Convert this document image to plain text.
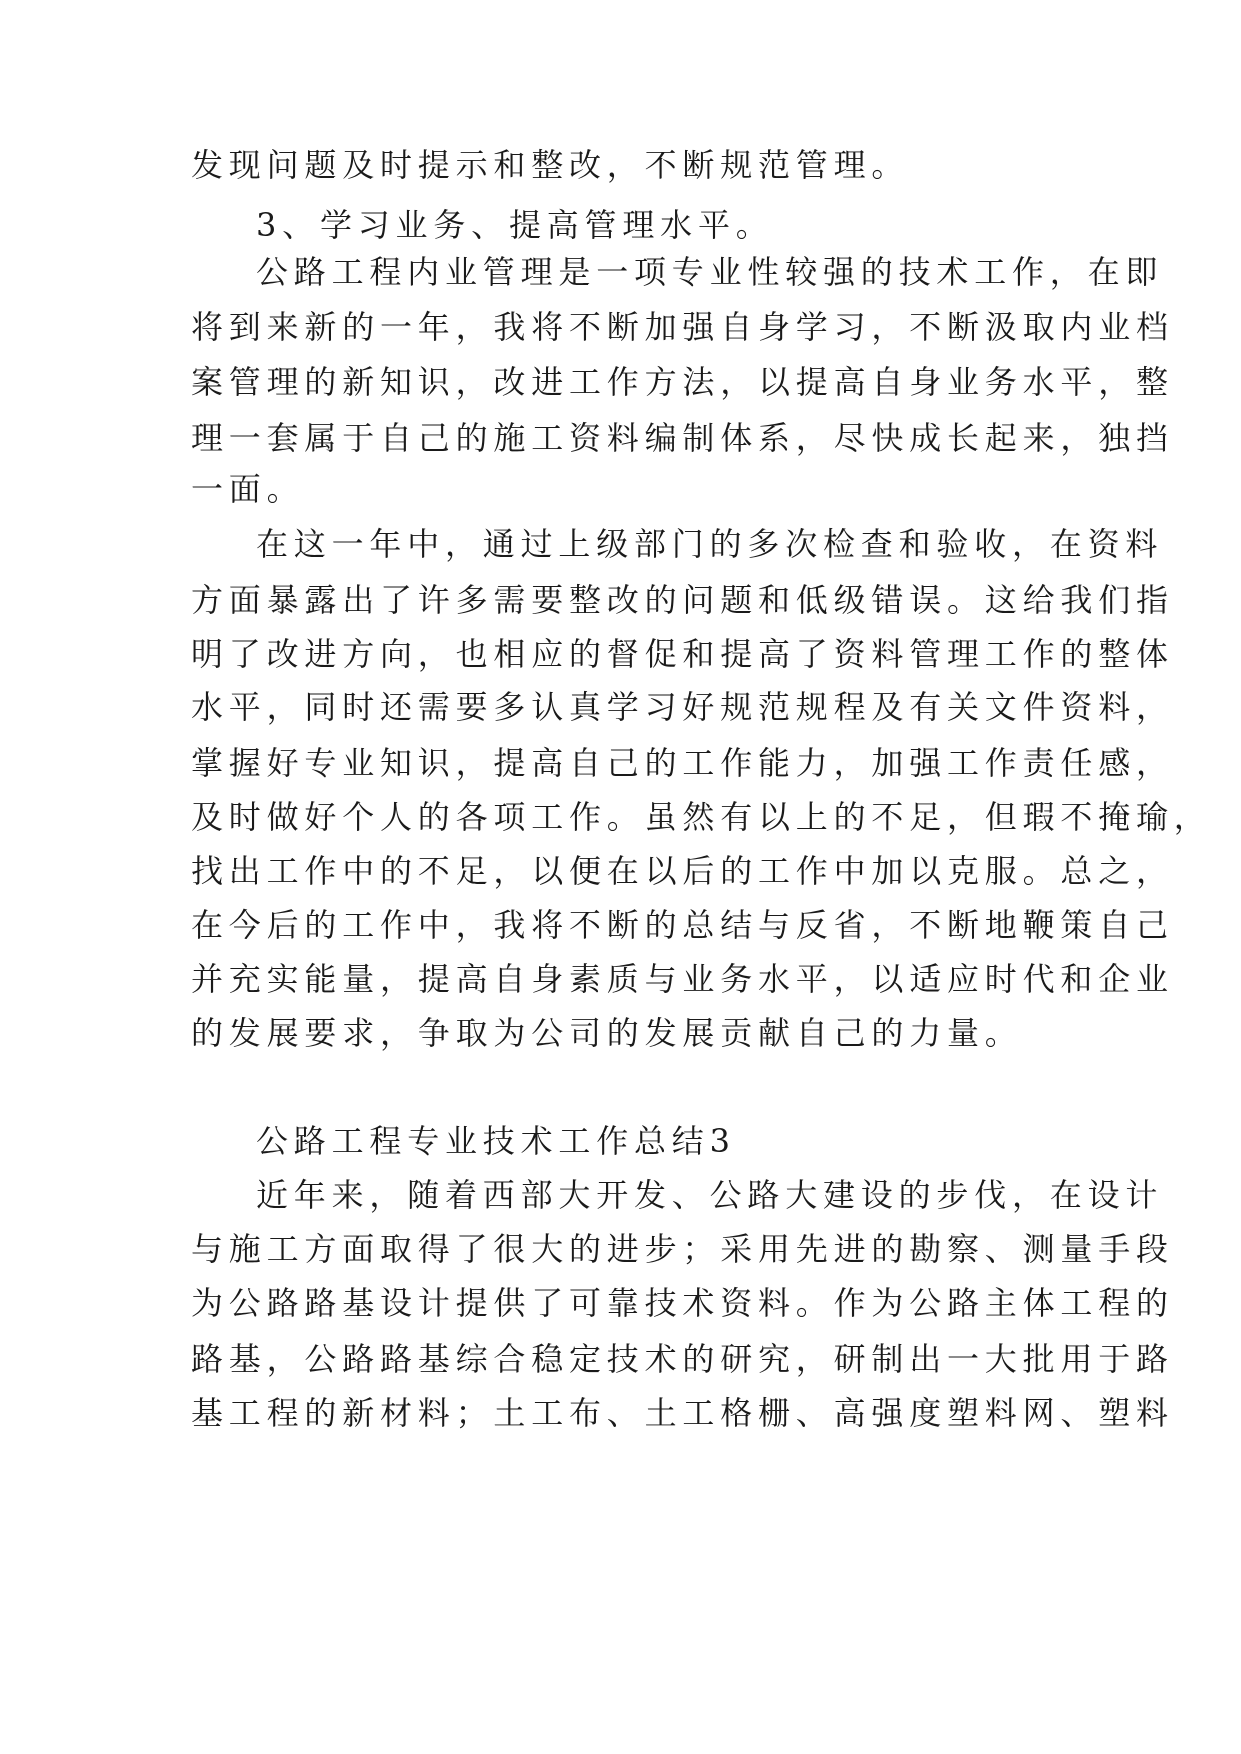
发现问题及时提示和整改，不断规范管理。

3、学习业务、提高管理水平。

公路工程内业管理是一项专业性较强的技术工作，在即

将到来新的一年，我将不断加强自身学习，不断汲取内业档

案管理的新知识，改进工作方法，以提高自身业务水平，整

理一套属于自己的施工资料编制体系，尽快成长起来，独挡

一面。

在这一年中，通过上级部门的多次检查和验收，在资料

方面暴露出了许多需要整改的问题和低级错误。这给我们指

明了改进方向，也相应的督促和提高了资料管理工作的整体

水平，同时还需要多认真学习好规范规程及有关文件资料，

掌握好专业知识，提高自己的工作能力，加强工作责任感，

及时做好个人的各项工作。虽然有以上的不足，但瑕不掩瑜，

找出工作中的不足，以便在以后的工作中加以克服。总之，

在今后的工作中，我将不断的总结与反省，不断地鞭策自己

并充实能量，提高自身素质与业务水平，以适应时代和企业

的发展要求，争取为公司的发展贡献自己的力量。

公路工程专业技术工作总结3

近年来，随着西部大开发、公路大建设的步伐，在设计

与施工方面取得了很大的进步；采用先进的勘察、测量手段

为公路路基设计提供了可靠技术资料。作为公路主体工程的

路基，公路路基综合稳定技术的研究，研制出一大批用于路

基工程的新材料；土工布、土工格栅、高强度塑料网、塑料
